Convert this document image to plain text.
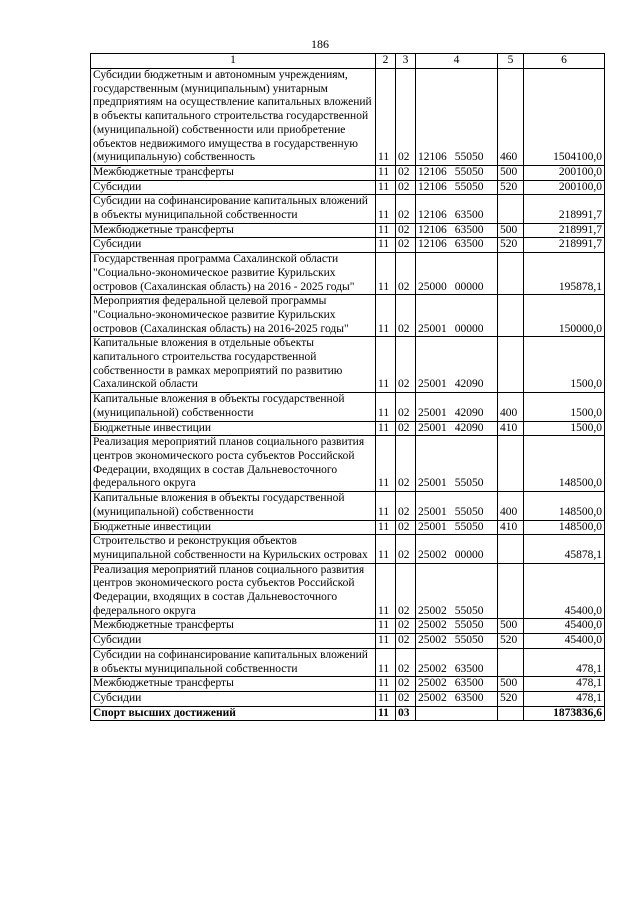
186
1	2	3	4	5	6
Субсидии бюджетным и автономным учреждениям, государственным (муниципальным) унитарным предприятиям на осуществление капитальных вложений в объекты капитального строительства государственной (муниципальной) собственности или приобретение объектов недвижимого имущества в государственную (муниципальную) собственность	11	02	12106 55050	460	1504100,0
Межбюджетные трансферты	11	02	12106 55050	500	200100,0
Субсидии	11	02	12106 55050	520	200100,0
Субсидии на софинансирование капитальных вложений в объекты муниципальной собственности	11	02	12106 63500		218991,7
Межбюджетные трансферты	11	02	12106 63500	500	218991,7
Субсидии	11	02	12106 63500	520	218991,7
Государственная программа Сахалинской области "Социально-экономическое развитие Курильских островов (Сахалинская область) на 2016 - 2025 годы"	11	02	25000 00000		195878,1
Мероприятия федеральной целевой программы "Социально-экономическое развитие Курильских островов (Сахалинская область) на 2016-2025 годы"	11	02	25001 00000		150000,0
Капитальные вложения в отдельные объекты капитального строительства государственной собственности в рамках мероприятий по развитию Сахалинской области	11	02	25001 42090		1500,0
Капитальные вложения в объекты государственной (муниципальной) собственности	11	02	25001 42090	400	1500,0
Бюджетные инвестиции	11	02	25001 42090	410	1500,0
Реализация мероприятий планов социального развития центров экономического роста субъектов Российской Федерации, входящих в состав Дальневосточного федерального округа	11	02	25001 55050		148500,0
Капитальные вложения в объекты государственной (муниципальной) собственности	11	02	25001 55050	400	148500,0
Бюджетные инвестиции	11	02	25001 55050	410	148500,0
Строительство и реконструкция объектов муниципальной собственности на Курильских островах	11	02	25002 00000		45878,1
Реализация мероприятий планов социального развития центров экономического роста субъектов Российской Федерации, входящих в состав Дальневосточного федерального округа	11	02	25002 55050		45400,0
Межбюджетные трансферты	11	02	25002 55050	500	45400,0
Субсидии	11	02	25002 55050	520	45400,0
Субсидии на софинансирование капитальных вложений в объекты муниципальной собственности	11	02	25002 63500		478,1
Межбюджетные трансферты	11	02	25002 63500	500	478,1
Субсидии	11	02	25002 63500	520	478,1
Спорт высших достижений	11	03			1873836,6
